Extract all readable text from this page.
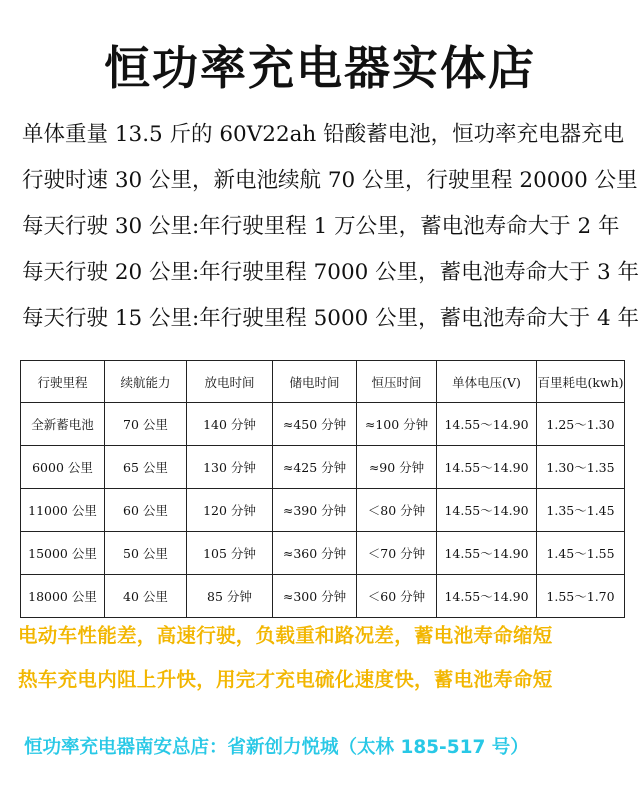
恒功率充电器实体店
单体重量 13.5 斤的 60V22ah 铅酸蓄电池，恒功率充电器充电
行驶时速 30 公里，新电池续航 70 公里，行驶里程 20000 公里
每天行驶 30 公里:年行驶里程 1 万公里，蓄电池寿命大于 2 年
每天行驶 20 公里:年行驶里程 7000 公里，蓄电池寿命大于 3 年
每天行驶 15 公里:年行驶里程 5000 公里，蓄电池寿命大于 4 年
行驶里程	续航能力	放电时间	储电时间	恒压时间	单体电压(V)	百里耗电(kwh)
全新蓄电池	70 公里	140 分钟	≈450 分钟	≈100 分钟	14.55～14.90	1.25～1.30
6000 公里	65 公里	130 分钟	≈425 分钟	≈90 分钟	14.55～14.90	1.30～1.35
11000 公里	60 公里	120 分钟	≈390 分钟	＜80 分钟	14.55～14.90	1.35～1.45
15000 公里	50 公里	105 分钟	≈360 分钟	＜70 分钟	14.55～14.90	1.45～1.55
18000 公里	40 公里	85 分钟	≈300 分钟	＜60 分钟	14.55～14.90	1.55～1.70
电动车性能差，高速行驶，负载重和路况差，蓄电池寿命缩短
热车充电内阻上升快，用完才充电硫化速度快，蓄电池寿命短
恒功率充电器南安总店：省新创力悦城（太林 185-517 号）
